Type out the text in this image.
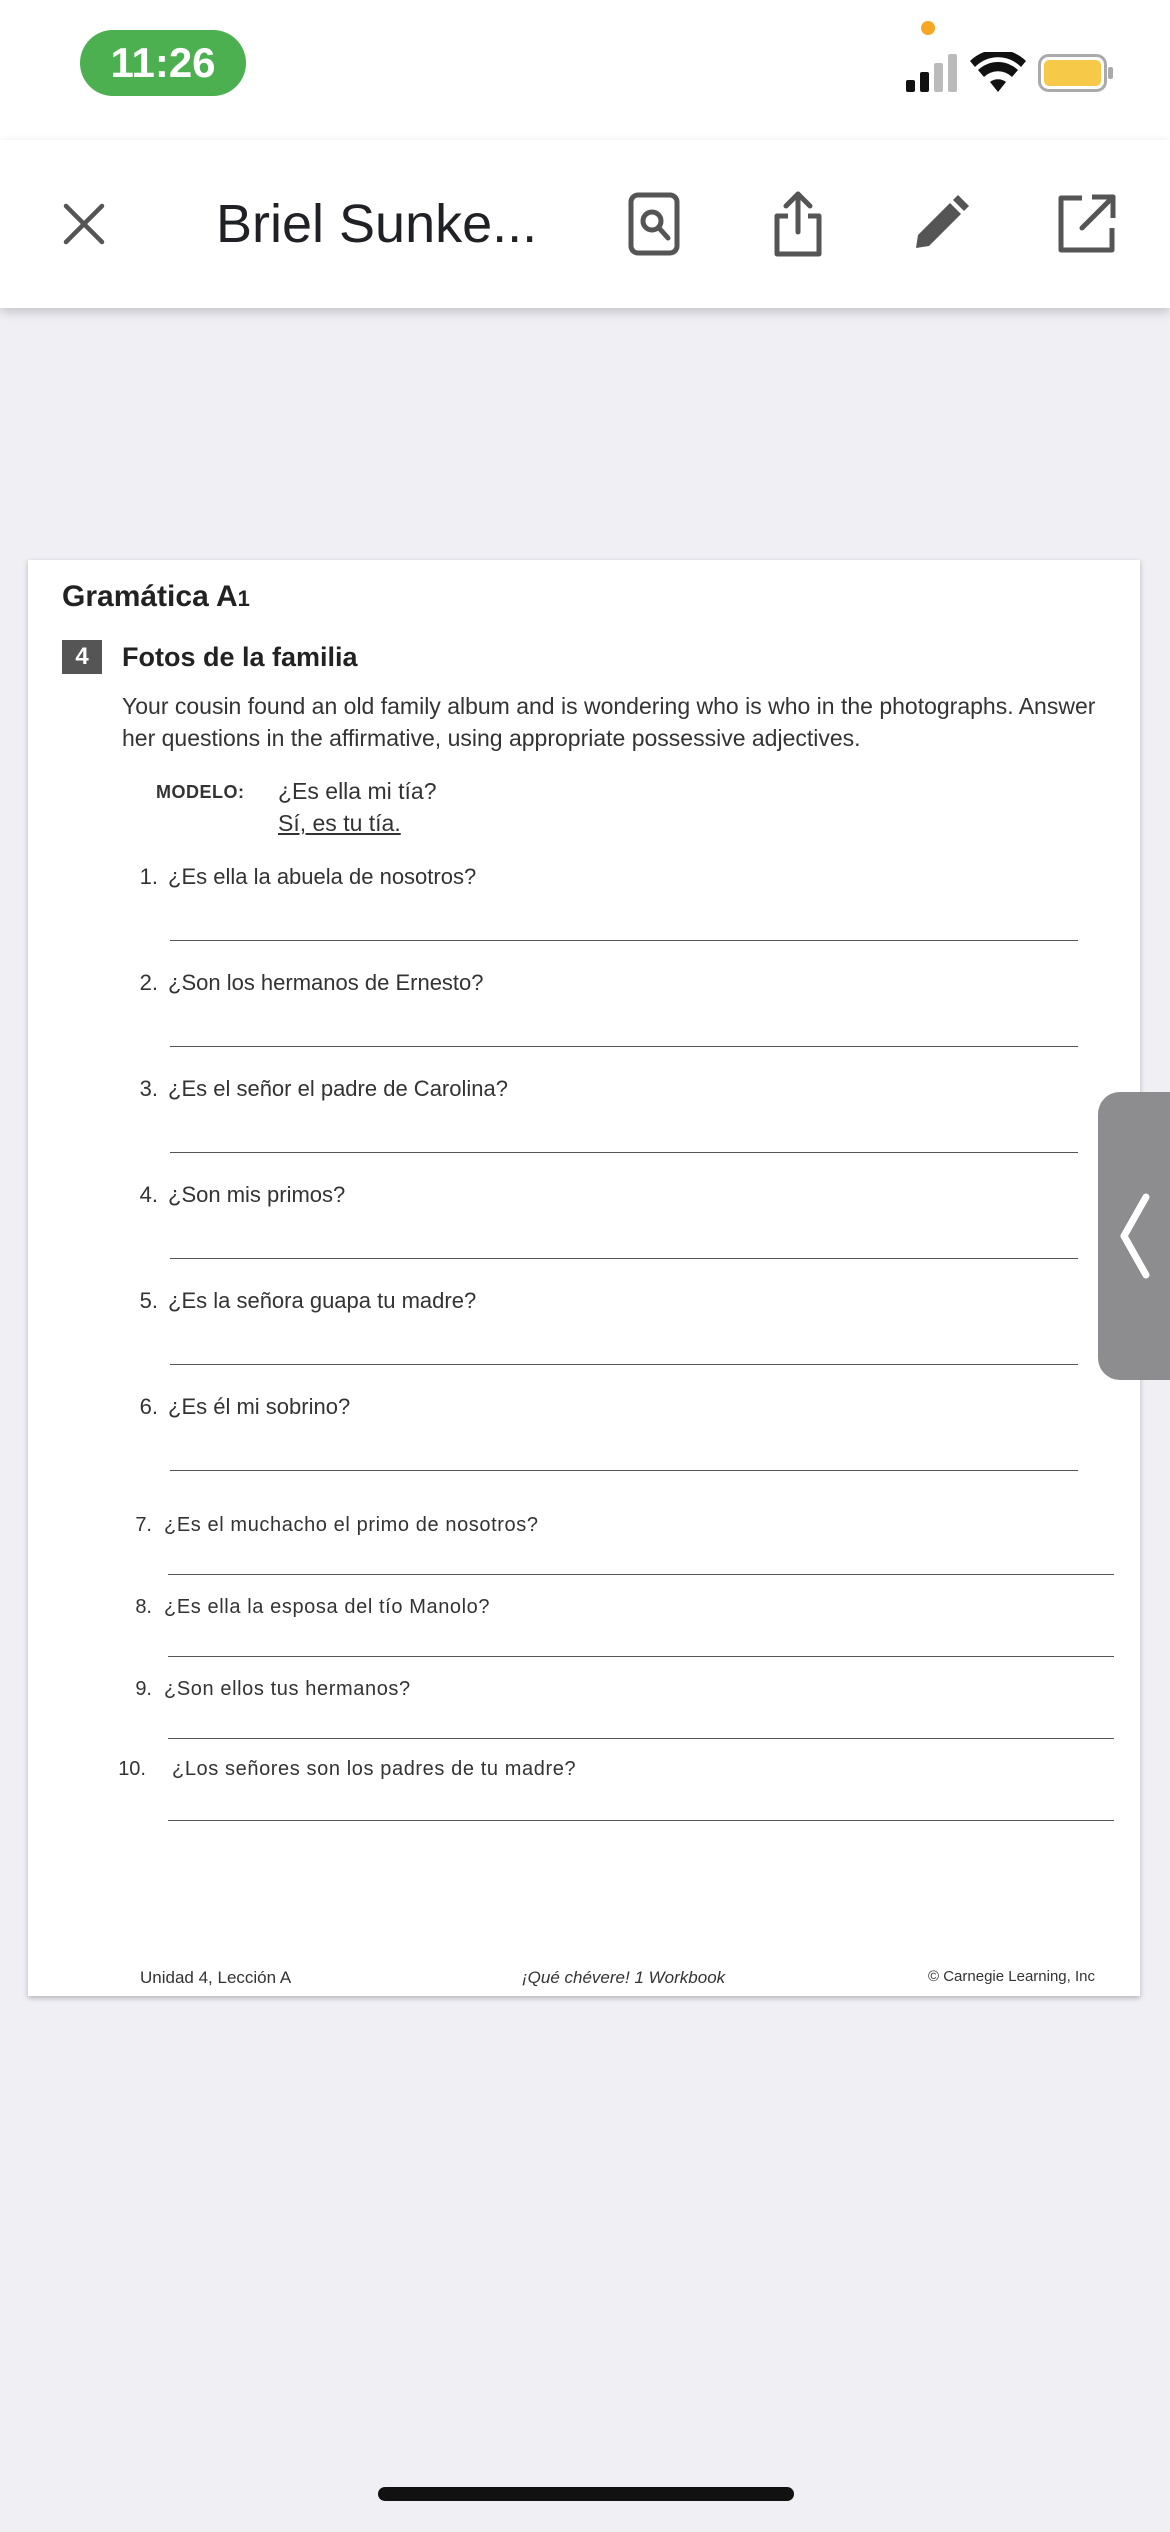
11:26
Briel Sunke...
Gramática A1
4	Fotos de la familia
Your cousin found an old family album and is wondering who is who in the photographs. Answer her questions in the affirmative, using appropriate possessive adjectives.
MODELO: ¿Es ella mi tía?
Sí, es tu tía.
1. ¿Es ella la abuela de nosotros?
2. ¿Son los hermanos de Ernesto?
3. ¿Es el señor el padre de Carolina?
4. ¿Son mis primos?
5. ¿Es la señora guapa tu madre?
6. ¿Es él mi sobrino?
7. ¿Es el muchacho el primo de nosotros?
8. ¿Es ella la esposa del tío Manolo?
9. ¿Son ellos tus hermanos?
10. ¿Los señores son los padres de tu madre?
Unidad 4, Lección A	¡Qué chévere! 1 Workbook	© Carnegie Learning, Inc
